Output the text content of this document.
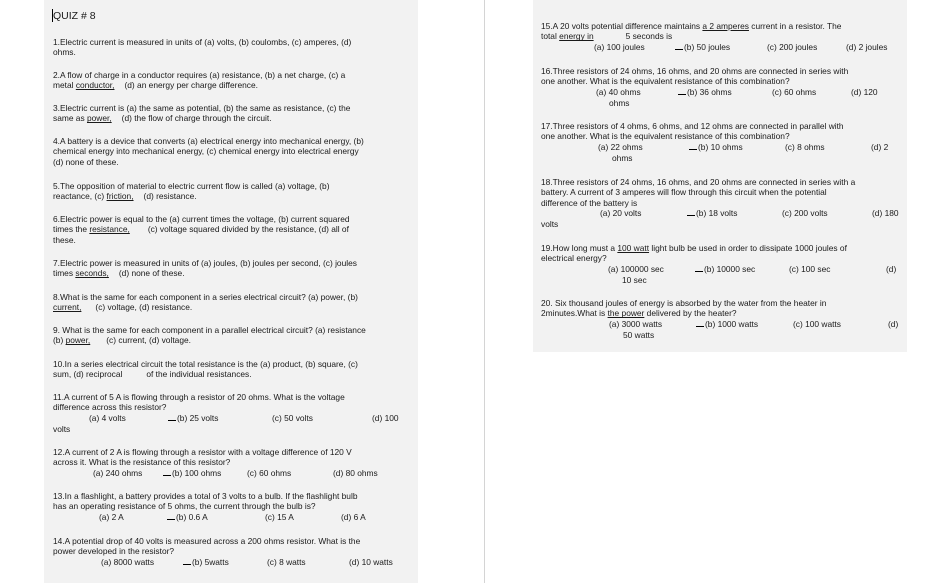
QUIZ # 8
1.Electric current is measured in units of (a) volts, (b) coulombs, (c) amperes, (d)
ohms.
2.A flow of charge in a conductor requires (a) resistance, (b) a net charge, (c) a
metal conductor, (d) an energy per charge difference.
3.Electric current is (a) the same as potential, (b) the same as resistance, (c) the
same as power, (d) the flow of charge through the circuit.
4.A battery is a device that converts (a) electrical energy into mechanical energy, (b)
chemical energy into mechanical energy, (c) chemical energy into electrical energy
(d) none of these.
5.The opposition of material to electric current flow is called (a) voltage, (b)
reactance, (c) friction, (d) resistance.
6.Electric power is equal to the (a) current times the voltage, (b) current squared
times the resistance, (c) voltage squared divided by the resistance, (d) all of
these.
7.Electric power is measured in units of (a) joules, (b) joules per second, (c) joules
times seconds, (d) none of these.
8.What is the same for each component in a series electrical circuit? (a) power, (b)
current, (c) voltage, (d) resistance.
9. What is the same for each component in a parallel electrical circuit? (a) resistance
(b) power, (c) current, (d) voltage.
10.In a series electrical circuit the total resistance is the (a) product, (b) square, (c)
sum, (d) reciprocal	of the individual resistances.
11.A current of 5 A is flowing through a resistor of 20 ohms. What is the voltage
difference across this resistor?
(a) 4 volts	(b) 25 volts	(c) 50 volts	(d) 100
volts
12.A current of 2 A is flowing through a resistor with a voltage difference of 120 V
across it. What is the resistance of this resistor?
(a) 240 ohms	(b) 100 ohms	(c) 60 ohms	(d) 80 ohms
13.In a flashlight, a battery provides a total of 3 volts to a bulb. If the flashlight bulb
has an operating resistance of 5 ohms, the current through the bulb is?
(a) 2 A	(b) 0.6 A	(c) 15 A	(d) 6 A
14.A potential drop of 40 volts is measured across a 200 ohms resistor. What is the
power developed in the resistor?
(a) 8000 watts	(b) 5watts	(c) 8 watts	(d) 10 watts
15.A 20 volts potential difference maintains a 2 amperes current in a resistor. The
total energy in	5 seconds is
(a) 100 joules	(b) 50 joules	(c) 200 joules	(d) 2 joules
16.Three resistors of 24 ohms, 16 ohms, and 20 ohms are connected in series with
one another. What is the equivalent resistance of this combination?
(a) 40 ohms	(b) 36 ohms	(c) 60 ohms	(d) 120
ohms
17.Three resistors of 4 ohms, 6 ohms, and 12 ohms are connected in parallel with
one another. What is the equivalent resistance of this combination?
(a) 22 ohms	(b) 10 ohms	(c) 8 ohms	(d) 2
ohms
18.Three resistors of 24 ohms, 16 ohms, and 20 ohms are connected in series with a
battery. A current of 3 amperes will flow through this circuit when the potential
difference of the battery is
(a) 20 volts	(b) 18 volts	(c) 200 volts	(d) 180
volts
19.How long must a 100 watt light bulb be used in order to dissipate 1000 joules of
electrical energy?
(a) 100000 sec	(b) 10000 sec	(c) 100 sec	(d)
10 sec
20. Six thousand joules of energy is absorbed by the water from the heater in
2minutes.What is the power delivered by the heater?
(a) 3000 watts	(b) 1000 watts	(c) 100 watts	(d)
50 watts
